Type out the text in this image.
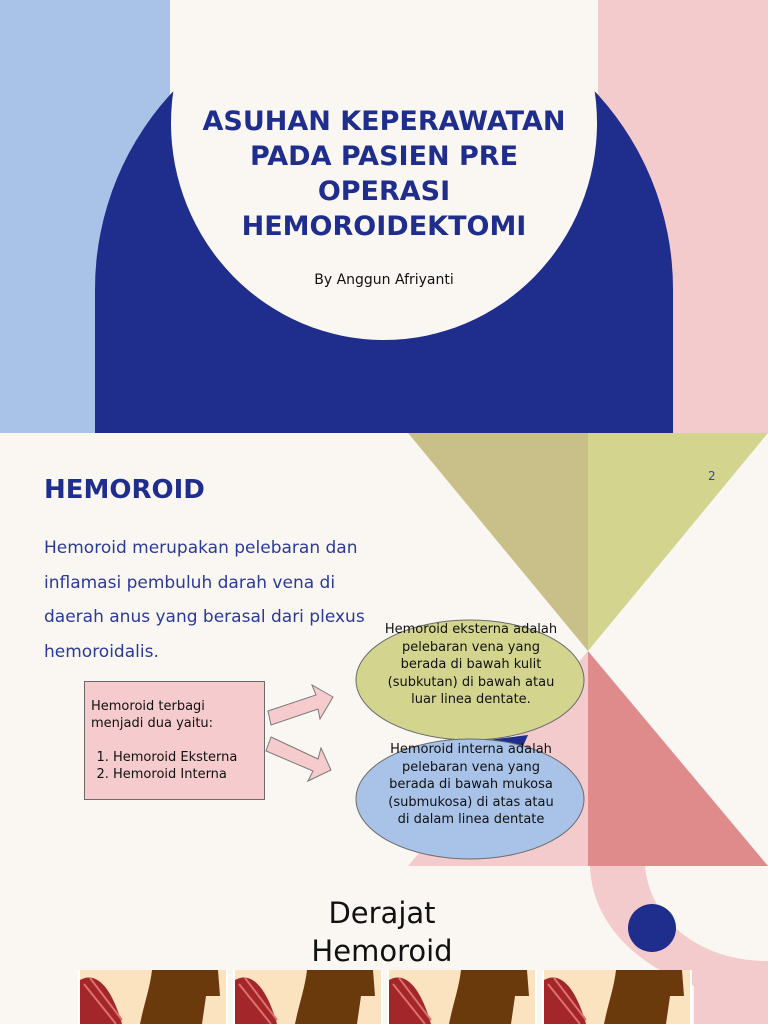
ASUHAN KEPERAWATAN PADA PASIEN PRE OPERASI HEMOROIDEKTOMI
By Anggun Afriyanti
HEMOROID	2

Hemoroid merupakan pelebaran dan inflamasi pembuluh darah vena di daerah anus yang berasal dari plexus hemoroidalis.

Hemoroid terbagi menjadi dua yaitu:
1. Hemoroid Eksterna
2. Hemoroid Interna
Hemoroid eksterna adalah pelebaran vena yang berada di bawah kulit (subkutan) di bawah atau luar linea dentate.
Hemoroid interna adalah pelebaran vena yang berada di bawah mukosa (submukosa) di atas atau di dalam linea dentate
Derajat Hemoroid
